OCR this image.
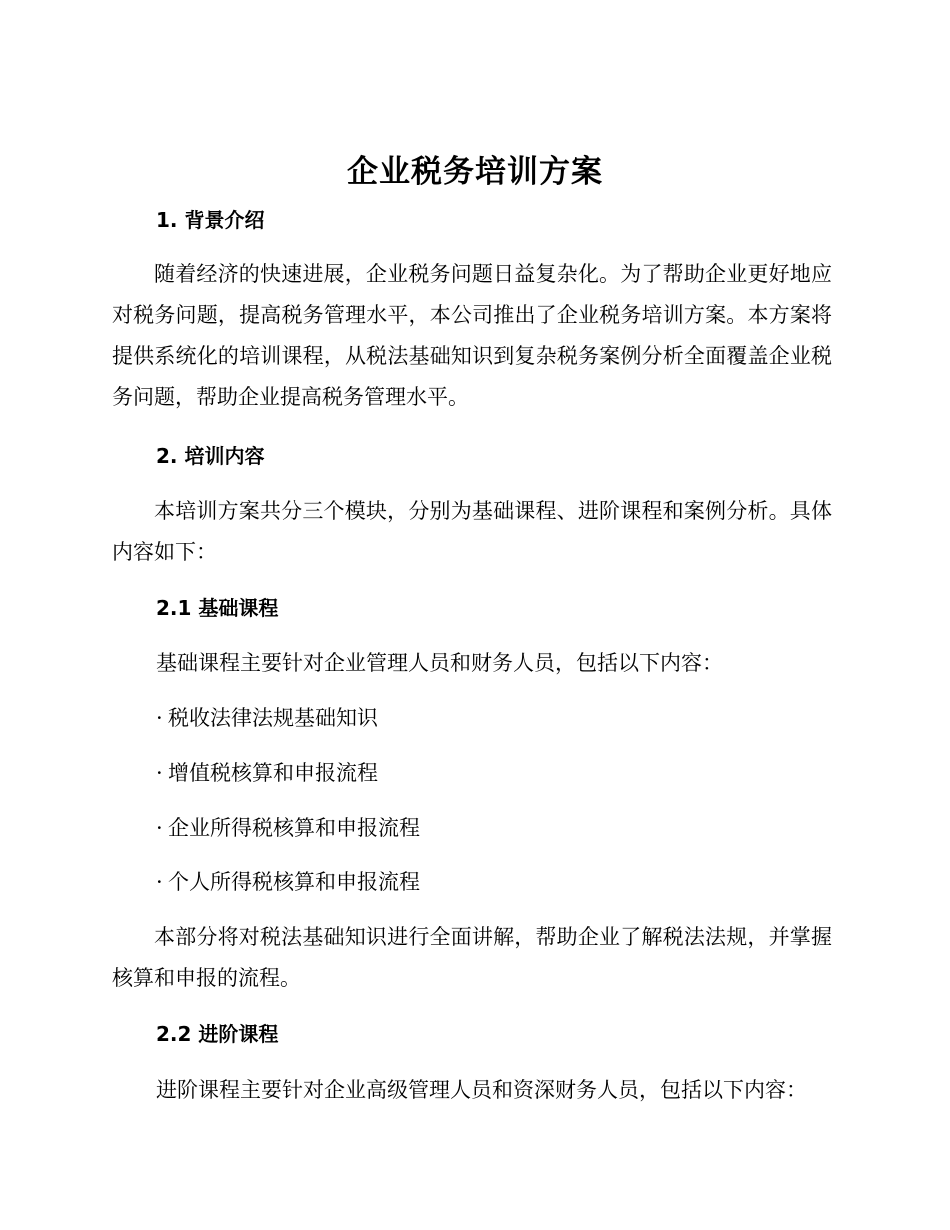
企业税务培训方案
1. 背景介绍

随着经济的快速进展，企业税务问题日益复杂化。为了帮助企业更好地应对税务问题，提高税务管理水平，本公司推出了企业税务培训方案。本方案将提供系统化的培训课程，从税法基础知识到复杂税务案例分析全面覆盖企业税务问题，帮助企业提高税务管理水平。

2. 培训内容

本培训方案共分三个模块，分别为基础课程、进阶课程和案例分析。具体内容如下：

2.1 基础课程

基础课程主要针对企业管理人员和财务人员，包括以下内容：

· 税收法律法规基础知识
· 增值税核算和申报流程
· 企业所得税核算和申报流程
· 个人所得税核算和申报流程

本部分将对税法基础知识进行全面讲解，帮助企业了解税法法规，并掌握核算和申报的流程。

2.2 进阶课程

进阶课程主要针对企业高级管理人员和资深财务人员，包括以下内容：
